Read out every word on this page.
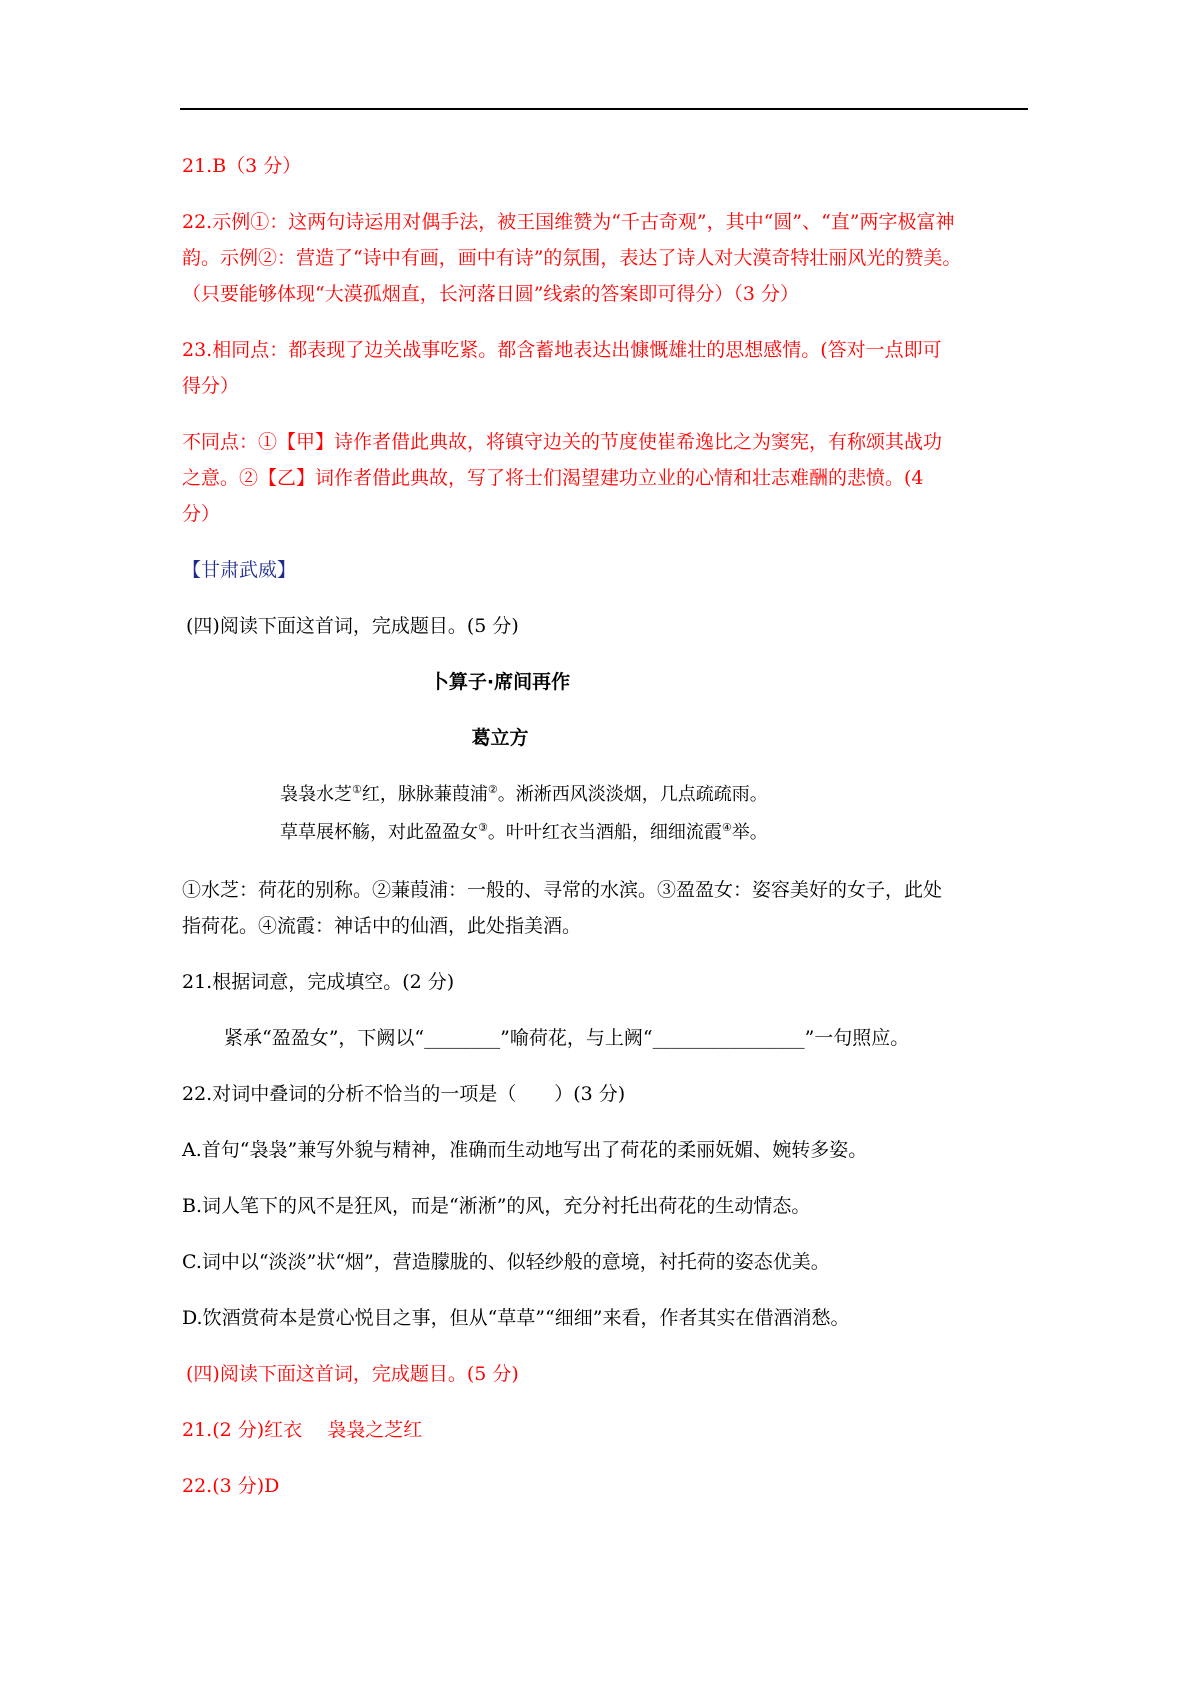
21.B（3 分）

22.示例①：这两句诗运用对偶手法，被王国维赞为“千古奇观”，其中“圆”、“直”两字极富神

韵。示例②：营造了“诗中有画，画中有诗”的氛围，表达了诗人对大漠奇特壮丽风光的赞美。

（只要能够体现“大漠孤烟直，长河落日圆”线索的答案即可得分）（3 分）

23.相同点：都表现了边关战事吃紧。都含蓄地表达出慷慨雄壮的思想感情。(答对一点即可

得分）

不同点：①【甲】诗作者借此典故，将镇守边关的节度使崔希逸比之为窦宪，有称颂其战功

之意。②【乙】词作者借此典故，写了将士们渴望建功立业的心情和壮志难酬的悲愤。(4

分）

【甘肃武威】

(四)阅读下面这首词，完成题目。(5 分)

卜算子·席间再作

葛立方

袅袅水芝①红，脉脉蒹葭浦②。淅淅西风淡淡烟，几点疏疏雨。
草草展杯觞，对此盈盈女③。叶叶红衣当酒船，细细流霞④举。

①水芝：荷花的别称。②蒹葭浦：一般的、寻常的水滨。③盈盈女：姿容美好的女子，此处

指荷花。④流霞：神话中的仙酒，此处指美酒。

21.根据词意，完成填空。(2 分)

紧承“盈盈女”，下阙以“________”喻荷花，与上阙“________________”一句照应。

22.对词中叠词的分析不恰当的一项是（　　）(3 分)

A.首句“袅袅”兼写外貌与精神，准确而生动地写出了荷花的柔丽妩媚、婉转多姿。

B.词人笔下的风不是狂风，而是“淅淅”的风，充分衬托出荷花的生动情态。

C.词中以“淡淡”状“烟”，营造朦胧的、似轻纱般的意境，衬托荷的姿态优美。

D.饮酒赏荷本是赏心悦目之事，但从“草草”“细细”来看，作者其实在借酒消愁。

(四)阅读下面这首词，完成题目。(5 分)

21.(2 分)红衣　 袅袅之芝红

22.(3 分)D
